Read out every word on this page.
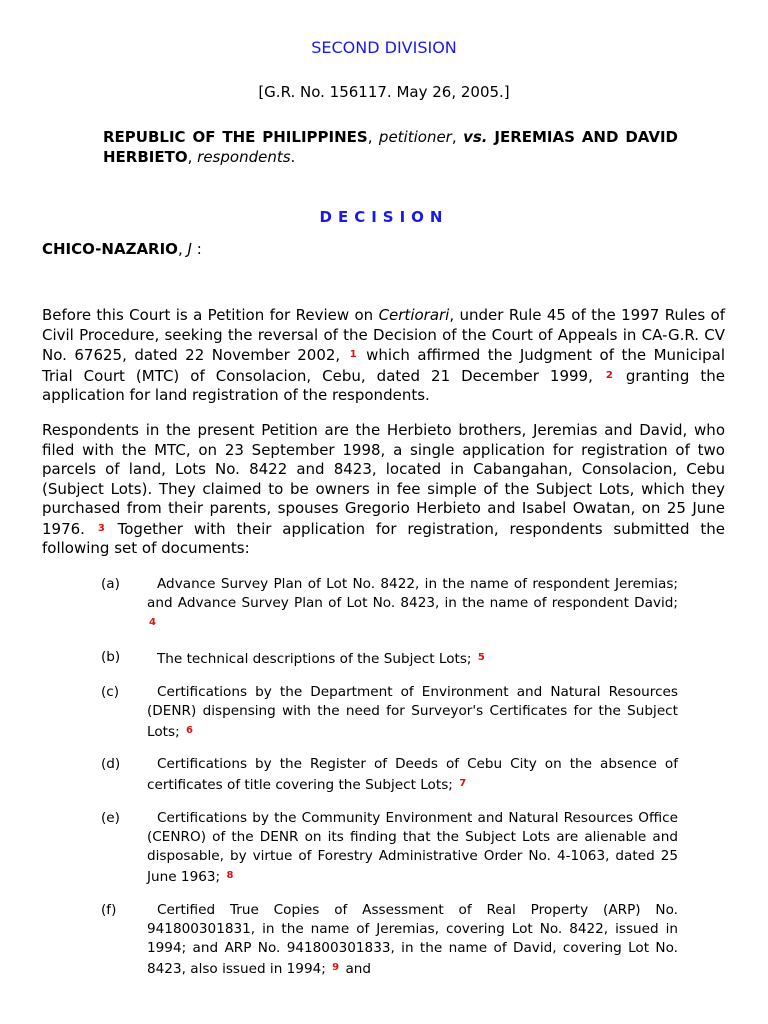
SECOND DIVISION
[G.R. No. 156117. May 26, 2005.]
REPUBLIC OF THE PHILIPPINES, petitioner, vs. JEREMIAS AND DAVID HERBIETO, respondents.
DECISION
CHICO-NAZARIO, J :
Before this Court is a Petition for Review on Certiorari, under Rule 45 of the 1997 Rules of Civil Procedure, seeking the reversal of the Decision of the Court of Appeals in CA-G.R. CV No. 67625, dated 22 November 2002, $^1$ which affirmed the Judgment of the Municipal Trial Court (MTC) of Consolacion, Cebu, dated 21 December 1999, $^2$ granting the application for land registration of the respondents.
Respondents in the present Petition are the Herbieto brothers, Jeremias and David, who filed with the MTC, on 23 September 1998, a single application for registration of two parcels of land, Lots No. 8422 and 8423, located in Cabangahan, Consolacion, Cebu (Subject Lots). They claimed to be owners in fee simple of the Subject Lots, which they purchased from their parents, spouses Gregorio Herbieto and Isabel Owatan, on 25 June 1976. $^3$ Together with their application for registration, respondents submitted the following set of documents:
(a)	Advance Survey Plan of Lot No. 8422, in the name of respondent Jeremias; and Advance Survey Plan of Lot No. 8423, in the name of respondent David; $^4$
(b)	The technical descriptions of the Subject Lots; $^5$
(c)	Certifications by the Department of Environment and Natural Resources (DENR) dispensing with the need for Surveyor's Certificates for the Subject Lots; $^6$
(d)	Certifications by the Register of Deeds of Cebu City on the absence of certificates of title covering the Subject Lots; $^7$
(e)	Certifications by the Community Environment and Natural Resources Office (CENRO) of the DENR on its finding that the Subject Lots are alienable and disposable, by virtue of Forestry Administrative Order No. 4-1063, dated 25 June 1963; $^8$
(f)	Certified True Copies of Assessment of Real Property (ARP) No. 941800301831, in the name of Jeremias, covering Lot No. 8422, issued in 1994; and ARP No. 941800301833, in the name of David, covering Lot No. 8423, also issued in 1994; $^9$ and
